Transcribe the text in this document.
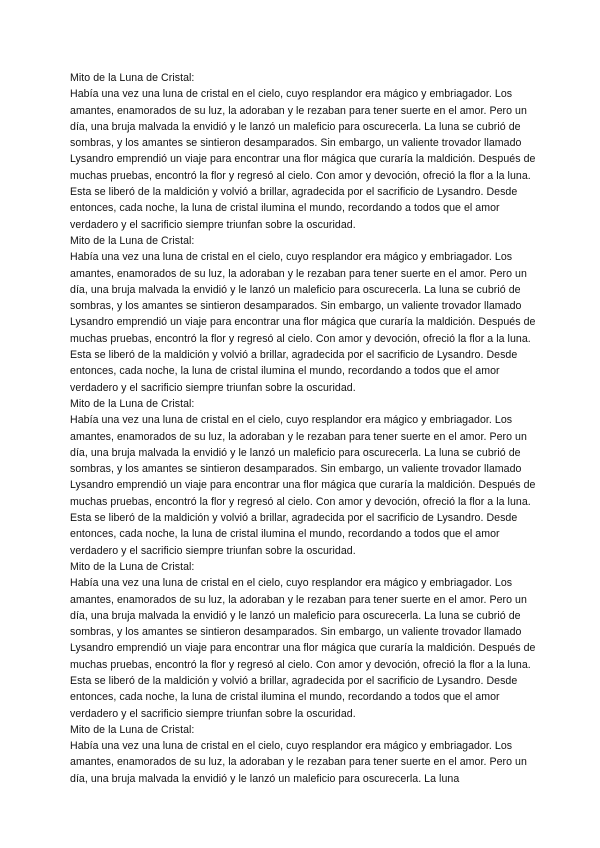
Mito de la Luna de Cristal:

Había una vez una luna de cristal en el cielo, cuyo resplandor era mágico y embriagador. Los amantes, enamorados de su luz, la adoraban y le rezaban para tener suerte en el amor. Pero un día, una bruja malvada la envidió y le lanzó un maleficio para oscurecerla. La luna se cubrió de sombras, y los amantes se sintieron desamparados. Sin embargo, un valiente trovador llamado Lysandro emprendió un viaje para encontrar una flor mágica que curaría la maldición. Después de muchas pruebas, encontró la flor y regresó al cielo. Con amor y devoción, ofreció la flor a la luna. Esta se liberó de la maldición y volvió a brillar, agradecida por el sacrificio de Lysandro. Desde entonces, cada noche, la luna de cristal ilumina el mundo, recordando a todos que el amor verdadero y el sacrificio siempre triunfan sobre la oscuridad.

Mito de la Luna de Cristal:

Había una vez una luna de cristal en el cielo, cuyo resplandor era mágico y embriagador. Los amantes, enamorados de su luz, la adoraban y le rezaban para tener suerte en el amor. Pero un día, una bruja malvada la envidió y le lanzó un maleficio para oscurecerla. La luna se cubrió de sombras, y los amantes se sintieron desamparados. Sin embargo, un valiente trovador llamado Lysandro emprendió un viaje para encontrar una flor mágica que curaría la maldición. Después de muchas pruebas, encontró la flor y regresó al cielo. Con amor y devoción, ofreció la flor a la luna. Esta se liberó de la maldición y volvió a brillar, agradecida por el sacrificio de Lysandro. Desde entonces, cada noche, la luna de cristal ilumina el mundo, recordando a todos que el amor verdadero y el sacrificio siempre triunfan sobre la oscuridad.

Mito de la Luna de Cristal:

Había una vez una luna de cristal en el cielo, cuyo resplandor era mágico y embriagador. Los amantes, enamorados de su luz, la adoraban y le rezaban para tener suerte en el amor. Pero un día, una bruja malvada la envidió y le lanzó un maleficio para oscurecerla. La luna se cubrió de sombras, y los amantes se sintieron desamparados. Sin embargo, un valiente trovador llamado Lysandro emprendió un viaje para encontrar una flor mágica que curaría la maldición. Después de muchas pruebas, encontró la flor y regresó al cielo. Con amor y devoción, ofreció la flor a la luna. Esta se liberó de la maldición y volvió a brillar, agradecida por el sacrificio de Lysandro. Desde entonces, cada noche, la luna de cristal ilumina el mundo, recordando a todos que el amor verdadero y el sacrificio siempre triunfan sobre la oscuridad.

Mito de la Luna de Cristal:

Había una vez una luna de cristal en el cielo, cuyo resplandor era mágico y embriagador. Los amantes, enamorados de su luz, la adoraban y le rezaban para tener suerte en el amor. Pero un día, una bruja malvada la envidió y le lanzó un maleficio para oscurecerla. La luna se cubrió de sombras, y los amantes se sintieron desamparados. Sin embargo, un valiente trovador llamado Lysandro emprendió un viaje para encontrar una flor mágica que curaría la maldición. Después de muchas pruebas, encontró la flor y regresó al cielo. Con amor y devoción, ofreció la flor a la luna. Esta se liberó de la maldición y volvió a brillar, agradecida por el sacrificio de Lysandro. Desde entonces, cada noche, la luna de cristal ilumina el mundo, recordando a todos que el amor verdadero y el sacrificio siempre triunfan sobre la oscuridad.

Mito de la Luna de Cristal:

Había una vez una luna de cristal en el cielo, cuyo resplandor era mágico y embriagador. Los amantes, enamorados de su luz, la adoraban y le rezaban para tener suerte en el amor. Pero un día, una bruja malvada la envidió y le lanzó un maleficio para oscurecerla. La luna
